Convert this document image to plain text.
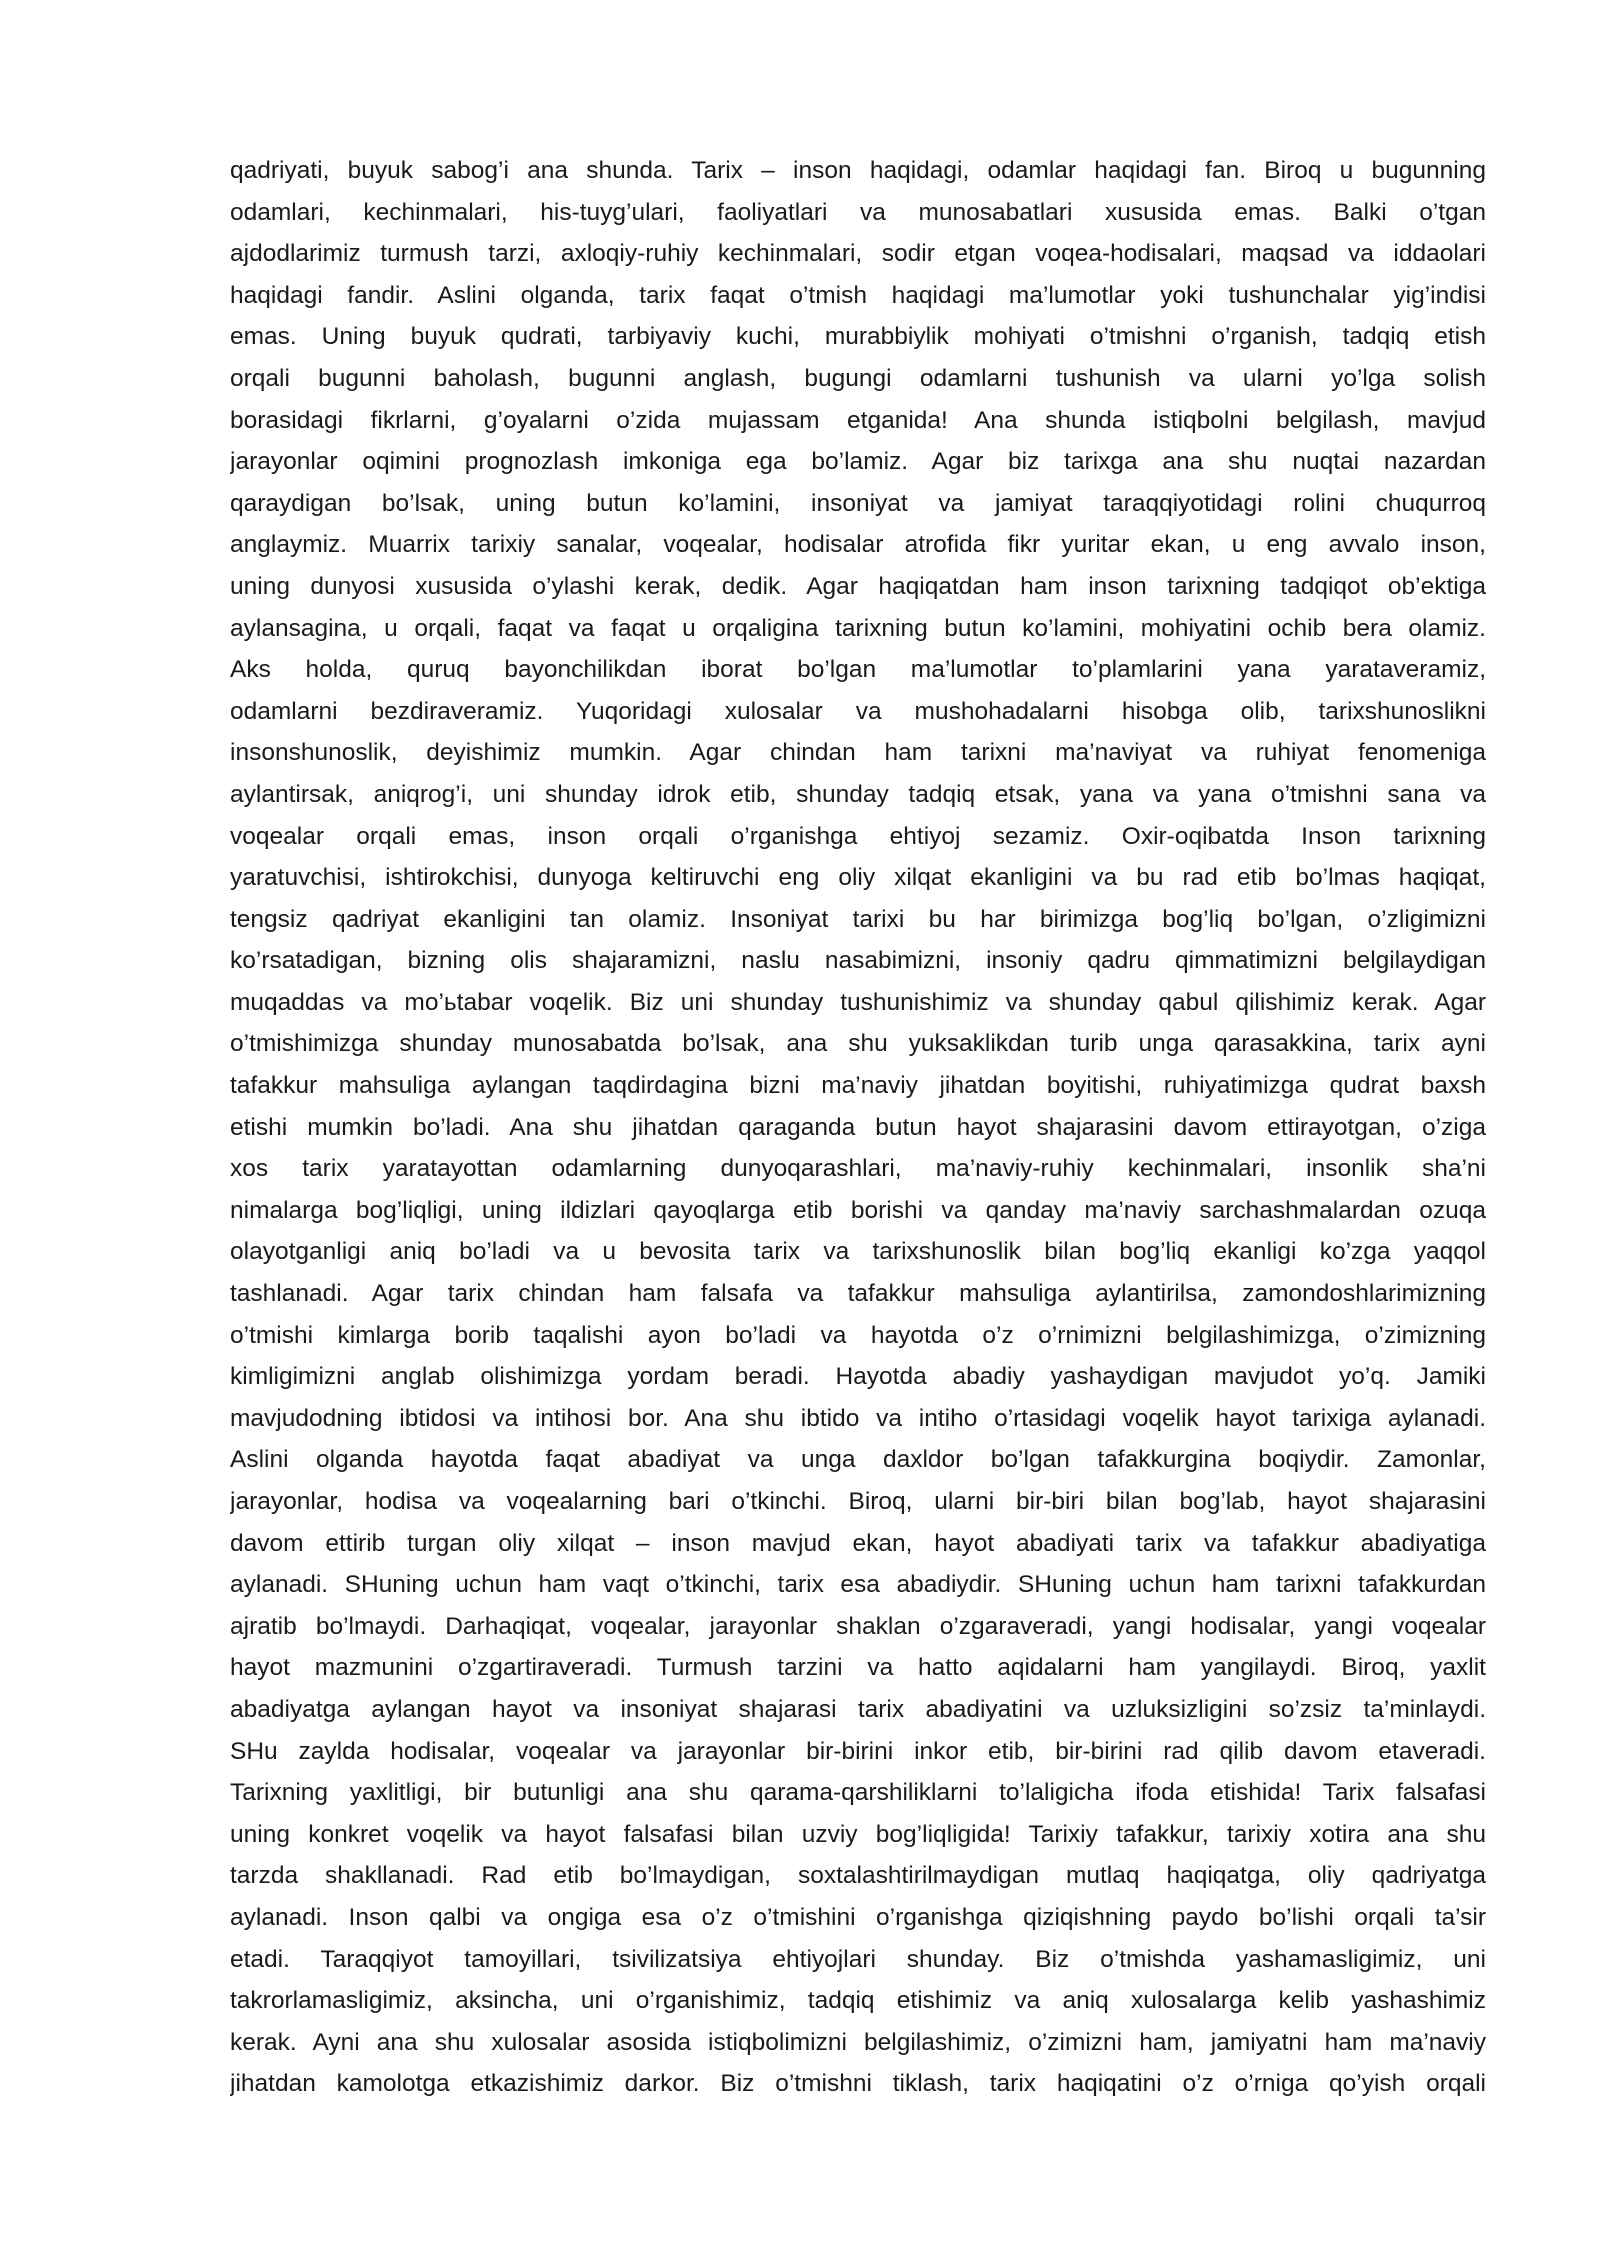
qadriyati, buyuk sabog’i ana shunda. Tarix – inson haqidagi, odamlar haqidagi fan. Biroq u bugunning
odamlari, kechinmalari, his-tuyg’ulari, faoliyatlari va munosabatlari xususida emas. Balki o’tgan
ajdodlarimiz turmush tarzi, axloqiy-ruhiy kechinmalari, sodir etgan voqea-hodisalari, maqsad va iddaolari
haqidagi fandir. Aslini olganda, tarix faqat o’tmish haqidagi ma’lumotlar yoki tushunchalar yig’indisi
emas. Uning buyuk qudrati, tarbiyaviy kuchi, murabbiylik mohiyati o’tmishni o’rganish, tadqiq etish
orqali bugunni baholash, bugunni anglash, bugungi odamlarni tushunish va ularni yo’lga solish
borasidagi fikrlarni, g’oyalarni o’zida mujassam etganida! Ana shunda istiqbolni belgilash, mavjud
jarayonlar oqimini prognozlash imkoniga ega bo’lamiz. Agar biz tarixga ana shu nuqtai nazardan
qaraydigan bo’lsak, uning butun ko’lamini, insoniyat va jamiyat taraqqiyotidagi rolini chuqurroq
anglaymiz. Muarrix tarixiy sanalar, voqealar, hodisalar atrofida fikr yuritar ekan, u eng avvalo inson,
uning dunyosi xususida o’ylashi kerak, dedik. Agar haqiqatdan ham inson tarixning tadqiqot ob’ektiga
aylansagina, u orqali, faqat va faqat u orqaligina tarixning butun ko’lamini, mohiyatini ochib bera olamiz.
Aks holda, quruq bayonchilikdan iborat bo’lgan ma’lumotlar to’plamlarini yana yarataveramiz,
odamlarni bezdiraveramiz. Yuqoridagi xulosalar va mushohadalarni hisobga olib, tarixshunoslikni
insonshunoslik, deyishimiz mumkin. Agar chindan ham tarixni ma’naviyat va ruhiyat fenomeniga
aylantirsak, aniqrog’i, uni shunday idrok etib, shunday tadqiq etsak, yana va yana o’tmishni sana va
voqealar orqali emas, inson orqali o’rganishga ehtiyoj sezamiz. Oxir-oqibatda Inson tarixning
yaratuvchisi, ishtirokchisi, dunyoga keltiruvchi eng oliy xilqat ekanligini va bu rad etib bo’lmas haqiqat,
tengsiz qadriyat ekanligini tan olamiz. Insoniyat tarixi bu har birimizga bog’liq bo’lgan, o’zligimizni
ko’rsatadigan, bizning olis shajaramizni, naslu nasabimizni, insoniy qadru qimmatimizni belgilaydigan
muqaddas va mo’ьtabar voqelik. Biz uni shunday tushunishimiz va shunday qabul qilishimiz kerak. Agar
o’tmishimizga shunday munosabatda bo’lsak, ana shu yuksaklikdan turib unga qarasakkina, tarix ayni
tafakkur mahsuliga aylangan taqdirdagina bizni ma’naviy jihatdan boyitishi, ruhiyatimizga qudrat baxsh
etishi mumkin bo’ladi. Ana shu jihatdan qaraganda butun hayot shajarasini davom ettirayotgan, o’ziga
xos tarix yaratayottan odamlarning dunyoqarashlari, ma’naviy-ruhiy kechinmalari, insonlik sha’ni
nimalarga bog’liqligi, uning ildizlari qayoqlarga etib borishi va qanday ma’naviy sarchashmalardan ozuqa
olayotganligi aniq bo’ladi va u bevosita tarix va tarixshunoslik bilan bog’liq ekanligi ko’zga yaqqol
tashlanadi. Agar tarix chindan ham falsafa va tafakkur mahsuliga aylantirilsa, zamondoshlarimizning
o’tmishi kimlarga borib taqalishi ayon bo’ladi va hayotda o’z o’rnimizni belgilashimizga, o’zimizning
kimligimizni anglab olishimizga yordam beradi. Hayotda abadiy yashaydigan mavjudot yo’q. Jamiki
mavjudodning ibtidosi va intihosi bor. Ana shu ibtido va intiho o’rtasidagi voqelik hayot tarixiga aylanadi.
Aslini olganda hayotda faqat abadiyat va unga daxldor bo’lgan tafakkurgina boqiydir. Zamonlar,
jarayonlar, hodisa va voqealarning bari o’tkinchi. Biroq, ularni bir-biri bilan bog’lab, hayot shajarasini
davom ettirib turgan oliy xilqat – inson mavjud ekan, hayot abadiyati tarix va tafakkur abadiyatiga
aylanadi. SHuning uchun ham vaqt o’tkinchi, tarix esa abadiydir. SHuning uchun ham tarixni tafakkurdan
ajratib bo’lmaydi. Darhaqiqat, voqealar, jarayonlar shaklan o’zgaraveradi, yangi hodisalar, yangi voqealar
hayot mazmunini o’zgartiraveradi. Turmush tarzini va hatto aqidalarni ham yangilaydi. Biroq, yaxlit
abadiyatga aylangan hayot va insoniyat shajarasi tarix abadiyatini va uzluksizligini so’zsiz ta’minlaydi.
SHu zaylda hodisalar, voqealar va jarayonlar bir-birini inkor etib, bir-birini rad qilib davom etaveradi.
Tarixning yaxlitligi, bir butunligi ana shu qarama-qarshiliklarni to’laligicha ifoda etishida! Tarix falsafasi
uning konkret voqelik va hayot falsafasi bilan uzviy bog’liqligida! Tarixiy tafakkur, tarixiy xotira ana shu
tarzda shakllanadi. Rad etib bo’lmaydigan, soxtalashtirilmaydigan mutlaq haqiqatga, oliy qadriyatga
aylanadi. Inson qalbi va ongiga esa o’z o’tmishini o’rganishga qiziqishning paydo bo’lishi orqali ta’sir
etadi. Taraqqiyot tamoyillari, tsivilizatsiya ehtiyojlari shunday. Biz o’tmishda yashamasligimiz, uni
takrorlamasligimiz, aksincha, uni o’rganishimiz, tadqiq etishimiz va aniq xulosalarga kelib yashashimiz
kerak. Ayni ana shu xulosalar asosida istiqbolimizni belgilashimiz, o’zimizni ham, jamiyatni ham ma’naviy
jihatdan kamolotga etkazishimiz darkor. Biz o’tmishni tiklash, tarix haqiqatini o’z o’rniga qo’yish orqali
